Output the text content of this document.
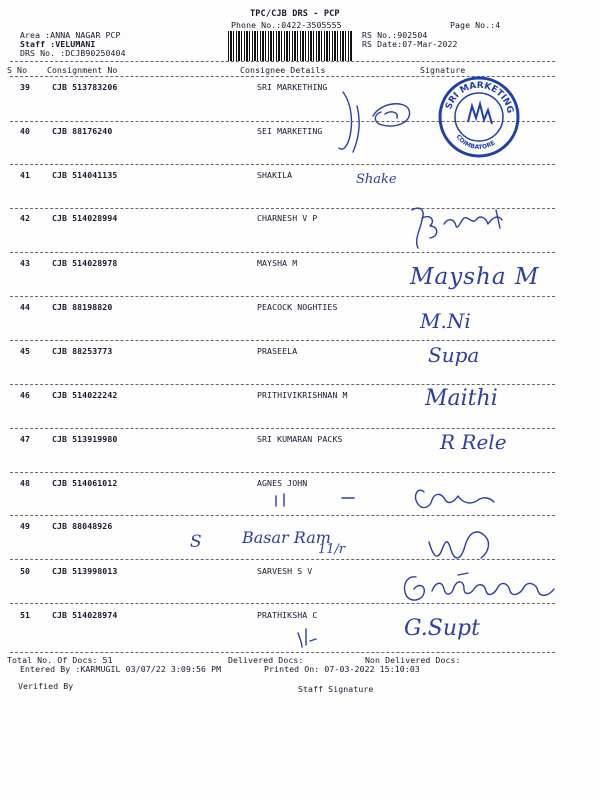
TPC/CJB DRS - PCP
Phone No.:0422-3505555	Page No.:4
Area :ANNA NAGAR PCP
Staff :VELUMANI
DRS No. :DCJB90250404
RS No.:902504
RS Date:07-Mar-2022
S No Consignment No	Consignee Details	Signature
39	CJB 513783206	SRI MARKETHING
40	CJB 88176240	SEI MARKETING
41	CJB 514041135	SHAKILA
42	CJB 514028994	CHARNESH V P
43	CJB 514028978	MAYSHA M
44	CJB 88198820	PEACOCK NOGHTIES
45	CJB 88253773	PRASEELA
46	CJB 514022242	PRITHIVIKRISHNAN M
47	CJB 513919980	SRI KUMARAN PACKS
48	CJB 514061012	AGNES JOHN
49	CJB 88048926
50	CJB 513998013	SARVESH S V
51	CJB 514028974	PRATHIKSHA C
Total No. Of Docs: 51	Delivered Docs:	Non Delivered Docs:
Entered By :KARMUGIL 03/07/22 3:09:56 PM	Printed On: 07-03-2022 15:10:03
Verified By	Staff Signature
SRI MARKETING
COIMBATORE
Shake
Maysha M
M.Ni
Supa
Maithi
R Rele
S	Basar Ram
11/r
G.Supt
